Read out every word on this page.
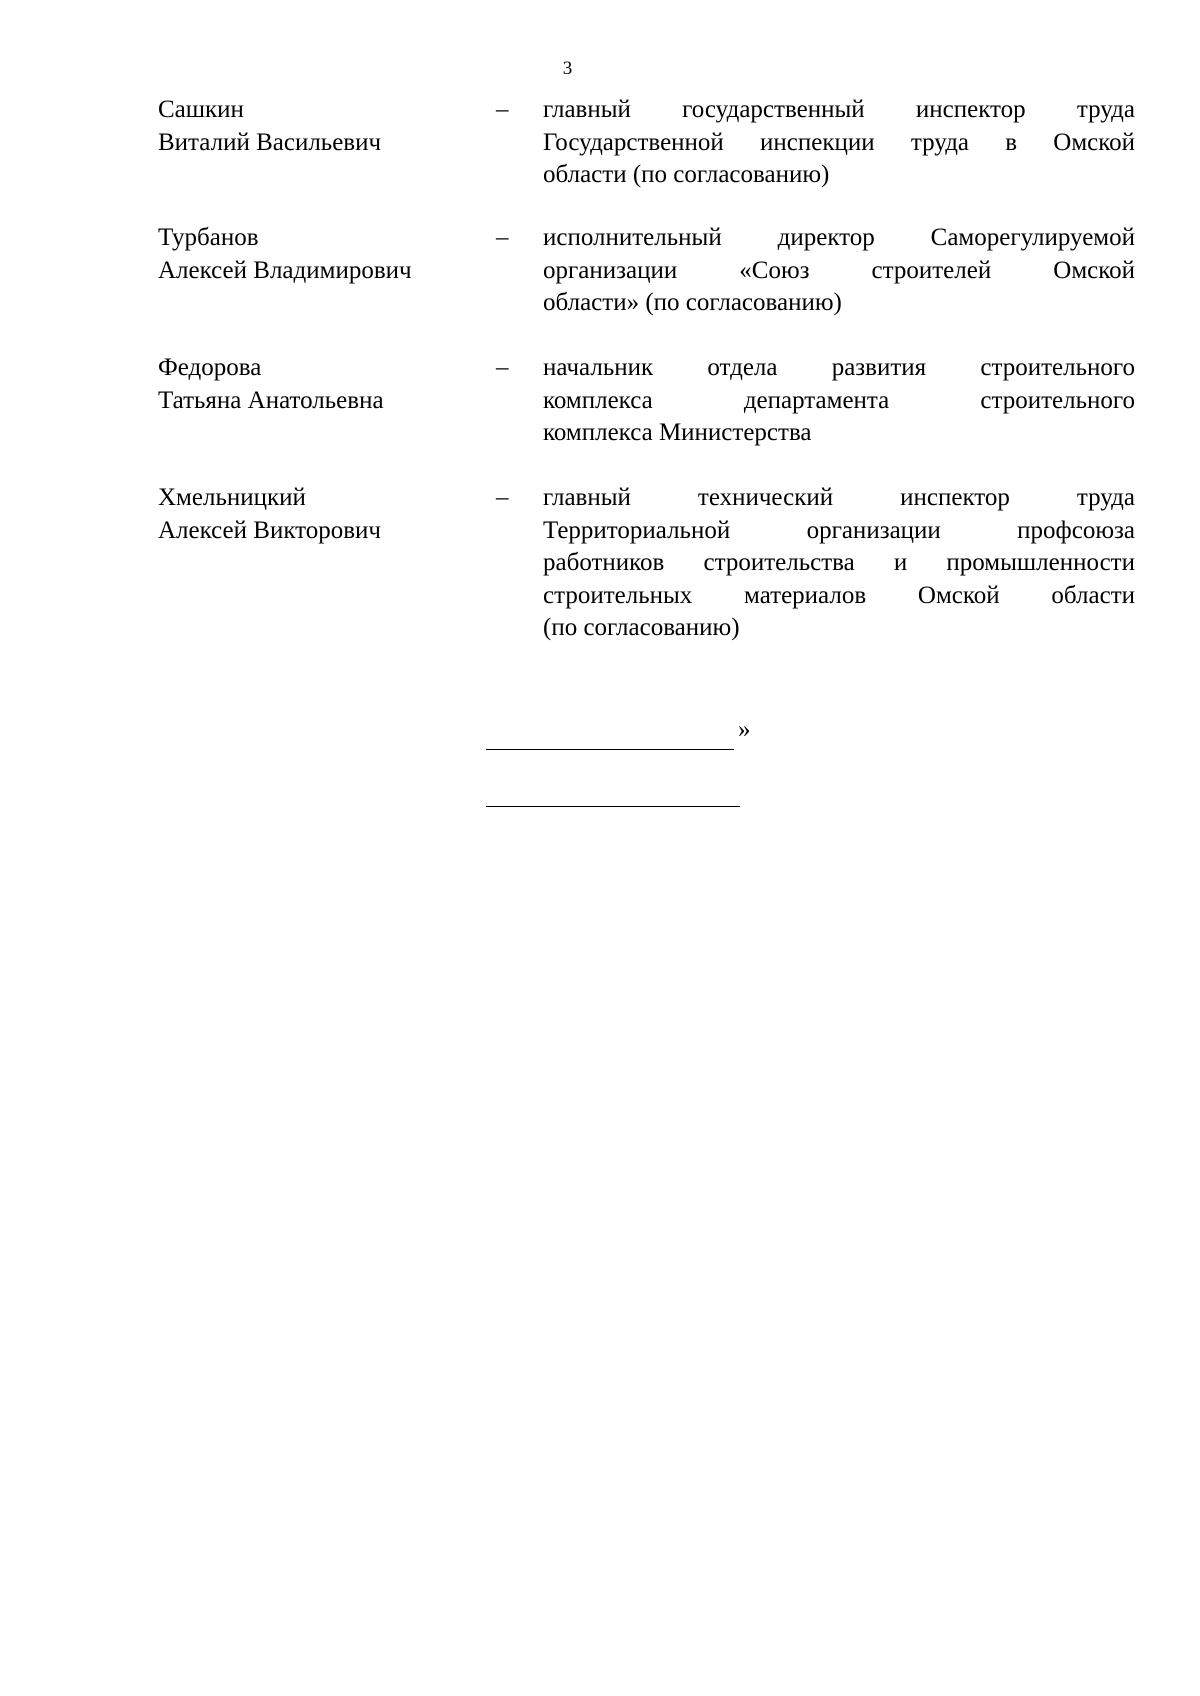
3
Сашкин
Виталий Васильевич
– главный государственный инспектор труда
Государственной инспекции труда в Омской
области (по согласованию)
Турбанов
Алексей Владимирович
– исполнительный директор Саморегулируемой
организации «Союз строителей Омской
области» (по согласованию)
Федорова
Татьяна Анатольевна
– начальник отдела развития строительного
комплекса департамента строительного
комплекса Министерства
Хмельницкий
Алексей Викторович
– главный технический инспектор труда
Территориальной организации профсоюза
работников строительства и промышленности
строительных материалов Омской области
(по согласованию)
»
